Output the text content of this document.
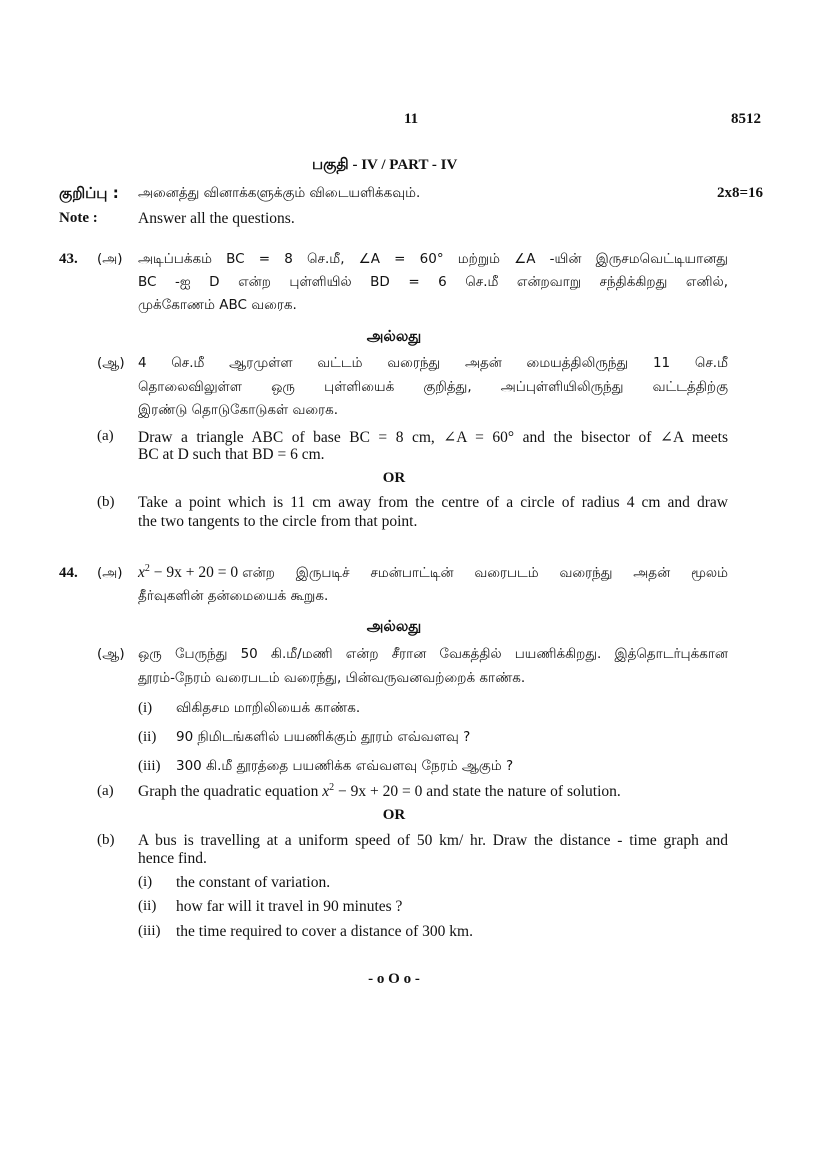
11	8512
பகுதி - IV / PART - IV
குறிப்பு : அனைத்து வினாக்களுக்கும் விடையளிக்கவும்.	2x8=16
Note :	Answer all the questions.
43. (அ) அடிப்பக்கம் BC = 8 செ.மீ, ∠A = 60° மற்றும் ∠A -யின் இருசமவெட்டியானது
BC -ஐ D என்ற புள்ளியில் BD = 6 செ.மீ என்றவாறு சந்திக்கிறது எனில்,
முக்கோணம் ABC வரைக.
அல்லது
(ஆ) 4 செ.மீ ஆரமுள்ள வட்டம் வரைந்து அதன் மையத்திலிருந்து 11 செ.மீ
தொலைவிலுள்ள ஒரு புள்ளியைக் குறித்து, அப்புள்ளியிலிருந்து வட்டத்திற்கு
இரண்டு தொடுகோடுகள் வரைக.
(a) Draw a triangle ABC of base BC = 8 cm, ∠A = 60° and the bisector of ∠A meets
BC at D such that BD = 6 cm.
OR
(b) Take a point which is 11 cm away from the centre of a circle of radius 4 cm and draw
the two tangents to the circle from that point.
44. (அ) $x^2 - 9x + 20 = 0$ என்ற இருபடிச் சமன்பாட்டின் வரைபடம் வரைந்து அதன் மூலம்
தீர்வுகளின் தன்மையைக் கூறுக.
அல்லது
(ஆ) ஒரு பேருந்து 50 கி.மீ/மணி என்ற சீரான வேகத்தில் பயணிக்கிறது. இத்தொடர்புக்கான
தூரம்-நேரம் வரைபடம் வரைந்து, பின்வருவனவற்றைக் காண்க.
(i) விகிதசம மாறிலியைக் காண்க.
(ii) 90 நிமிடங்களில் பயணிக்கும் தூரம் எவ்வளவு ?
(iii) 300 கி.மீ தூரத்தை பயணிக்க எவ்வளவு நேரம் ஆகும் ?
(a) Graph the quadratic equation $x^2 - 9x + 20 = 0$ and state the nature of solution.
OR
(b) A bus is travelling at a uniform speed of 50 km/ hr. Draw the distance - time graph and
hence find.
(i) the constant of variation.
(ii) how far will it travel in 90 minutes ?
(iii) the time required to cover a distance of 300 km.
- o O o -
